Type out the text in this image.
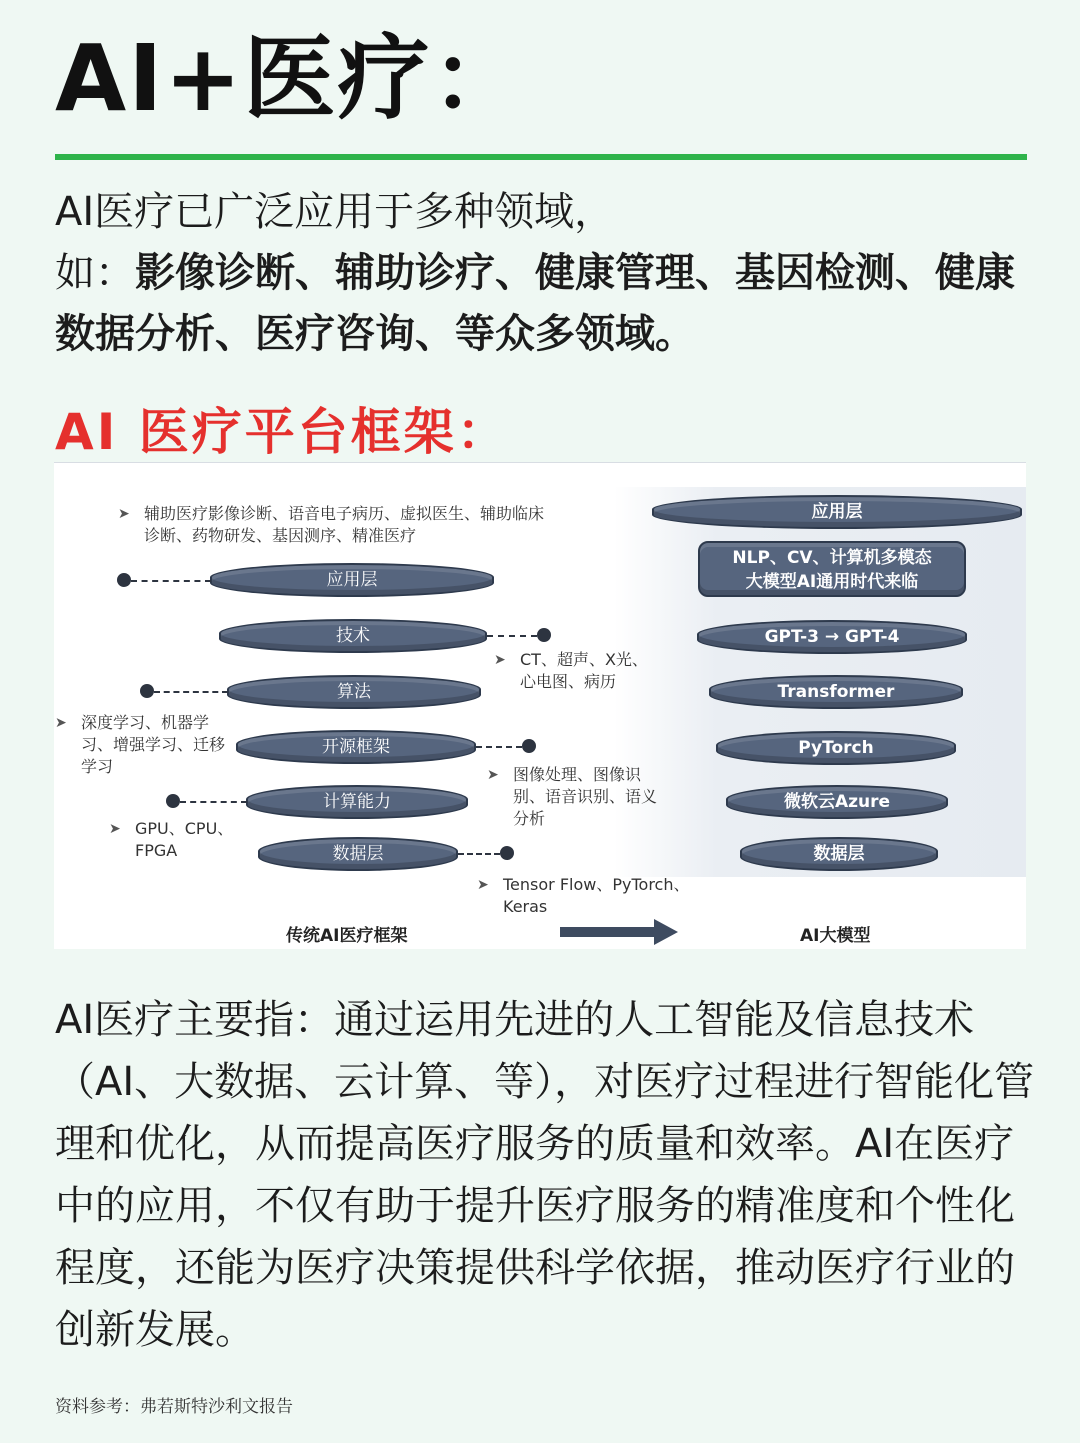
AI+医疗：
AI医疗已广泛应用于多种领域，
如：影像诊断、辅助诊疗、健康管理、基因检测、健康数据分析、医疗咨询、等众多领域。
AI 医疗平台框架：
应用层
技术
算法
开源框架
计算能力
数据层
➤ 辅助医疗影像诊断、语音电子病历、虚拟医生、辅助临床诊断、药物研发、基因测序、精准医疗
➤ CT、超声、X光、心电图、病历
➤ 深度学习、机器学习、增强学习、迁移学习	➤ 图像处理、图像识别、语音识别、语义分析
➤ GPU、CPU、FPGA
➤ Tensor Flow、PyTorch、Keras
应用层
NLP、CV、计算机多模态
大模型AI通用时代来临
GPT-3 → GPT-4
Transformer
PyTorch
微软云Azure
数据层
传统AI医疗框架	AI大模型
AI医疗主要指：通过运用先进的人工智能及信息技术（AI、大数据、云计算、等），对医疗过程进行智能化管理和优化，从而提高医疗服务的质量和效率。AI在医疗中的应用，不仅有助于提升医疗服务的精准度和个性化程度，还能为医疗决策提供科学依据，推动医疗行业的创新发展。
资料参考：弗若斯特沙利文报告
